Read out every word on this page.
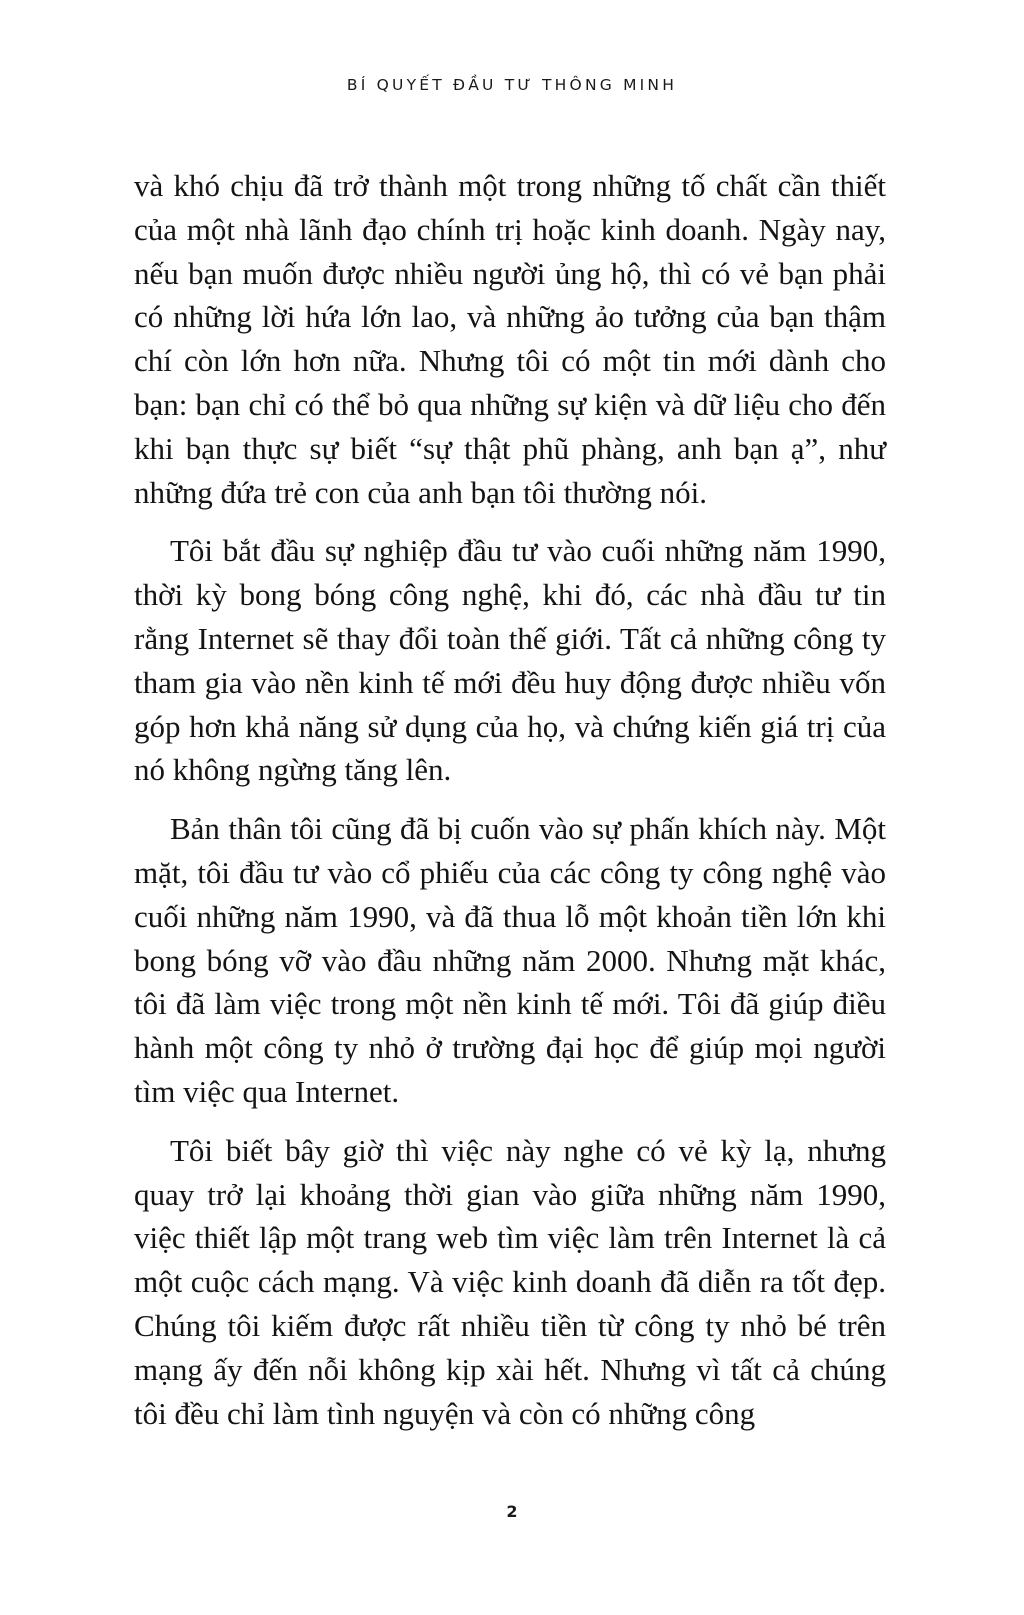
BÍ QUYẾT ĐẦU TƯ THÔNG MINH

và khó chịu đã trở thành một trong những tố chất cần thiết của một nhà lãnh đạo chính trị hoặc kinh doanh. Ngày nay, nếu bạn muốn được nhiều người ủng hộ, thì có vẻ bạn phải có những lời hứa lớn lao, và những ảo tưởng của bạn thậm chí còn lớn hơn nữa. Nhưng tôi có một tin mới dành cho bạn: bạn chỉ có thể bỏ qua những sự kiện và dữ liệu cho đến khi bạn thực sự biết “sự thật phũ phàng, anh bạn ạ”, như những đứa trẻ con của anh bạn tôi thường nói.

Tôi bắt đầu sự nghiệp đầu tư vào cuối những năm 1990, thời kỳ bong bóng công nghệ, khi đó, các nhà đầu tư tin rằng Internet sẽ thay đổi toàn thế giới. Tất cả những công ty tham gia vào nền kinh tế mới đều huy động được nhiều vốn góp hơn khả năng sử dụng của họ, và chứng kiến giá trị của nó không ngừng tăng lên.

Bản thân tôi cũng đã bị cuốn vào sự phấn khích này. Một mặt, tôi đầu tư vào cổ phiếu của các công ty công nghệ vào cuối những năm 1990, và đã thua lỗ một khoản tiền lớn khi bong bóng vỡ vào đầu những năm 2000. Nhưng mặt khác, tôi đã làm việc trong một nền kinh tế mới. Tôi đã giúp điều hành một công ty nhỏ ở trường đại học để giúp mọi người tìm việc qua Internet.

Tôi biết bây giờ thì việc này nghe có vẻ kỳ lạ, nhưng quay trở lại khoảng thời gian vào giữa những năm 1990, việc thiết lập một trang web tìm việc làm trên Internet là cả một cuộc cách mạng. Và việc kinh doanh đã diễn ra tốt đẹp. Chúng tôi kiếm được rất nhiều tiền từ công ty nhỏ bé trên mạng ấy đến nỗi không kịp xài hết. Nhưng vì tất cả chúng tôi đều chỉ làm tình nguyện và còn có những công

2
